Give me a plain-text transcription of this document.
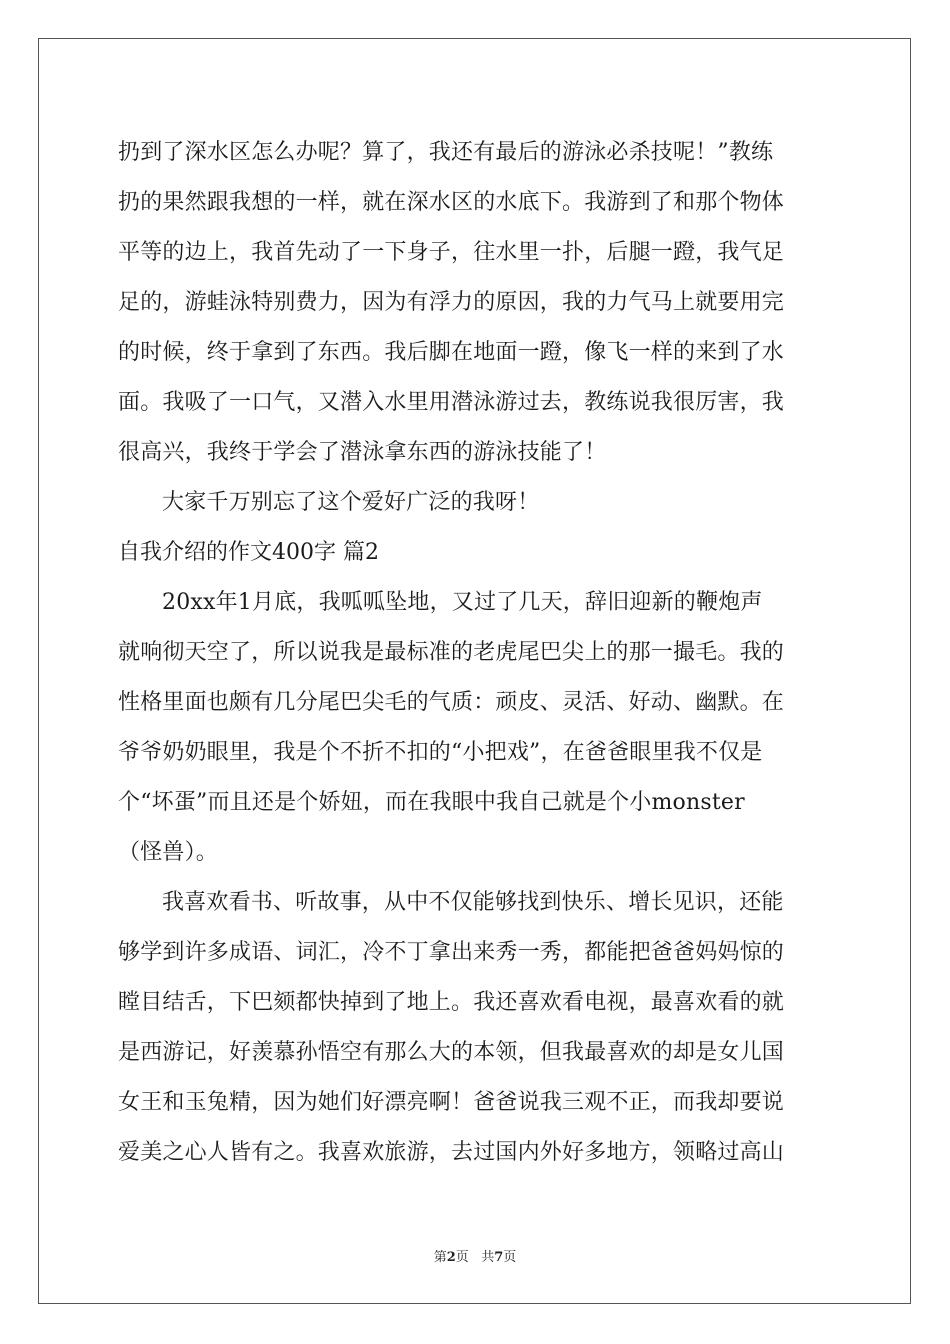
扔到了深水区怎么办呢？算了，我还有最后的游泳必杀技呢！”教练
扔的果然跟我想的一样，就在深水区的水底下。我游到了和那个物体
平等的边上，我首先动了一下身子，往水里一扑，后腿一蹬，我气足
足的，游蛙泳特别费力，因为有浮力的原因，我的力气马上就要用完
的时候，终于拿到了东西。我后脚在地面一蹬，像飞一样的来到了水
面。我吸了一口气，又潜入水里用潜泳游过去，教练说我很厉害，我
很高兴，我终于学会了潜泳拿东西的游泳技能了！
大家千万别忘了这个爱好广泛的我呀！
自我介绍的作文400字 篇2
20xx年1月底，我呱呱坠地，又过了几天，辞旧迎新的鞭炮声
就响彻天空了，所以说我是最标准的老虎尾巴尖上的那一撮毛。我的
性格里面也颇有几分尾巴尖毛的气质：顽皮、灵活、好动、幽默。在
爷爷奶奶眼里，我是个不折不扣的“小把戏”，在爸爸眼里我不仅是
个“坏蛋”而且还是个娇妞，而在我眼中我自己就是个小monster
（怪兽）。
我喜欢看书、听故事，从中不仅能够找到快乐、增长见识，还能
够学到许多成语、词汇，冷不丁拿出来秀一秀，都能把爸爸妈妈惊的
瞠目结舌，下巴颏都快掉到了地上。我还喜欢看电视，最喜欢看的就
是西游记，好羡慕孙悟空有那么大的本领，但我最喜欢的却是女儿国
女王和玉兔精，因为她们好漂亮啊！爸爸说我三观不正，而我却要说
爱美之心人皆有之。我喜欢旅游，去过国内外好多地方，领略过高山
第2页 共7页
